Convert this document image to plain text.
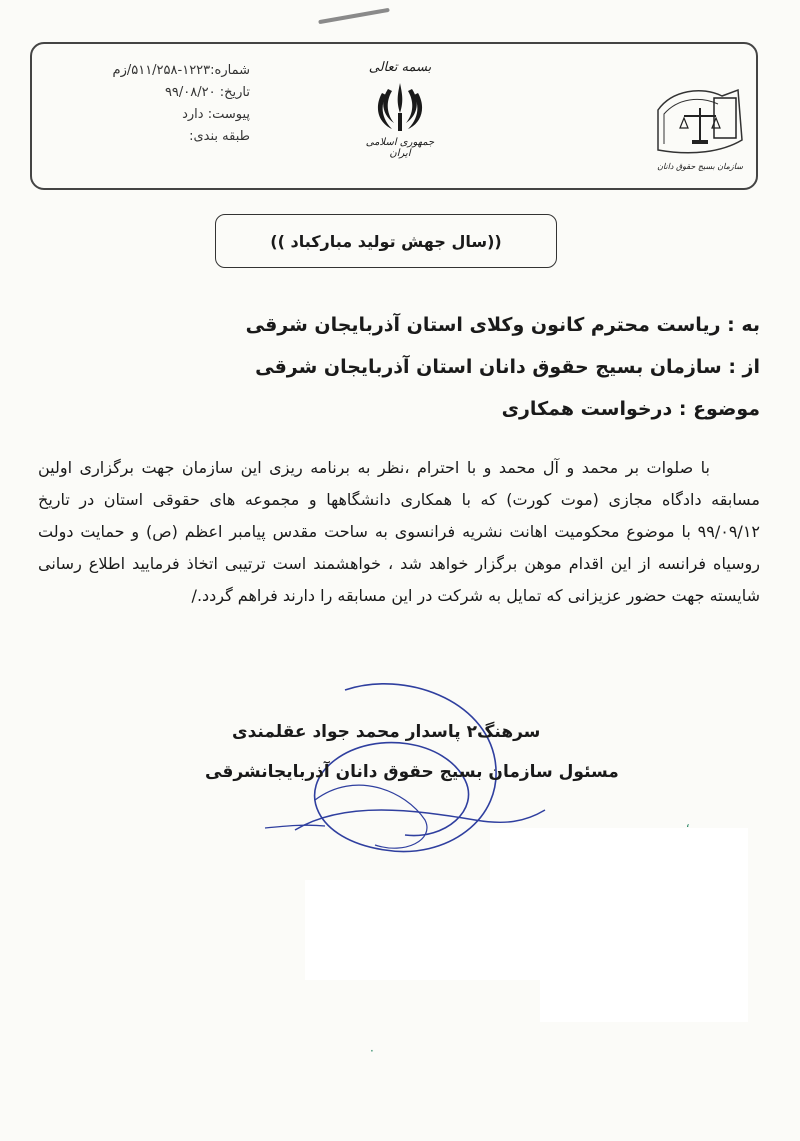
شماره:۱۲۲۳-۵۱۱/۲۵۸/زم
تاریخ: ۹۹/۰۸/۲۰
پیوست: دارد
طبقه بندی:
بسمه تعالی
جمهوری اسلامی ایران
سازمان بسیج حقوق دانان
((سال جهش تولید مبارکباد ))
به : ریاست محترم کانون وکلای استان آذربایجان شرقی
از : سازمان بسیج حقوق دانان استان آذربایجان شرقی
موضوع : درخواست همکاری

با صلوات بر محمد و آل محمد و با احترام ،نظر به برنامه ریزی این سازمان جهت برگزاری اولین مسابقه دادگاه مجازی (موت کورت) که با همکاری دانشگاهها و مجموعه های حقوقی استان در تاریخ ۹۹/۰۹/۱۲ با موضوع محکومیت اهانت نشریه فرانسوی به ساحت مقدس پیامبر اعظم (ص) و حمایت دولت روسیاه فرانسه از این اقدام موهن برگزار خواهد شد ، خواهشمند است ترتیبی اتخاذ فرمایید اطلاع رسانی شایسته جهت حضور عزیزانی که تمایل به شرکت در این مسابقه را دارند فراهم گردد./

سرهنگ۲ پاسدار محمد جواد عقلمندی
مسئول سازمان بسیج حقوق دانان آذربایجانشرقی
‘
·
